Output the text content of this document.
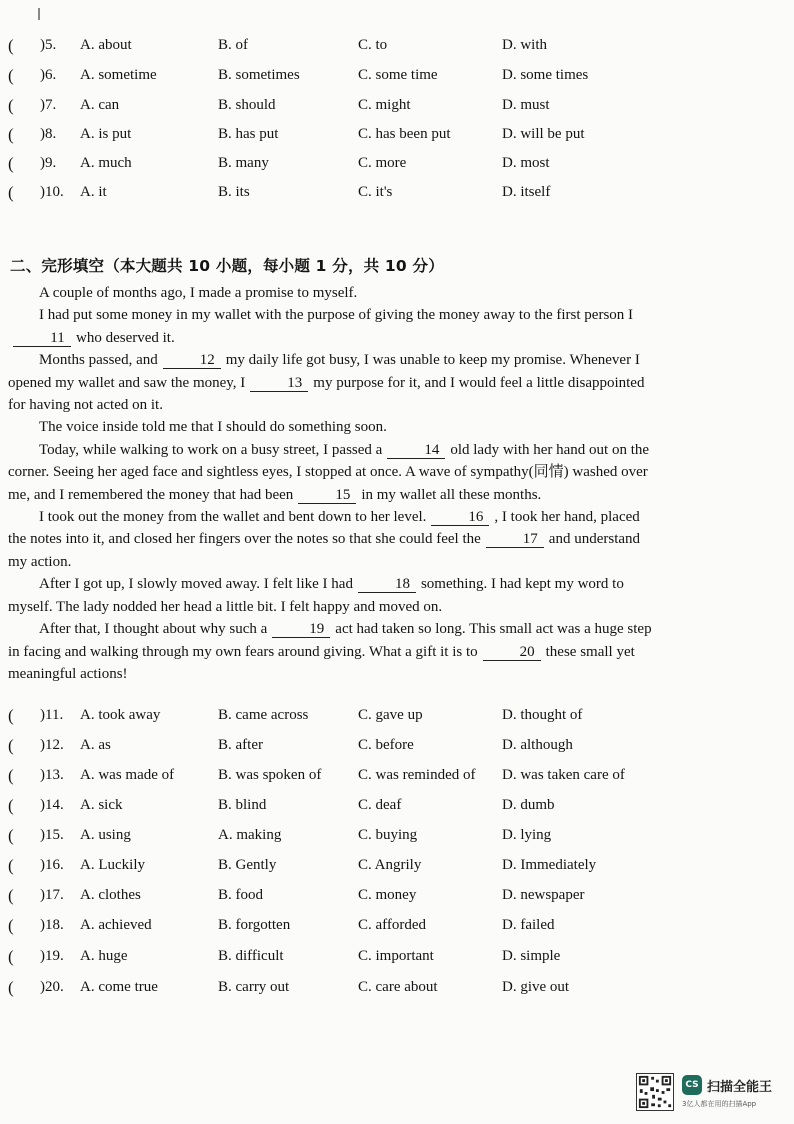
( )5. A. about	B. of	C. to	D. with
( )6. A. sometime	B. sometimes	C. some time	D. some times
( )7. A. can	B. should	C. might	D. must
( )8. A. is put	B. has put	C. has been put	D. will be put
( )9. A. much	B. many	C. more	D. most
( )10. A. it	B. its	C. it's	D. itself
二、完形填空（本大题共 10 小题，每小题 1 分，共 10 分）

A couple of months ago, I made a promise to myself.

I had put some money in my wallet with the purpose of giving the money away to the first person I11 who deserved it.

Months passed, and	12 my daily life got busy, I was unable to keep my promise. Whenever I opened my wallet and saw the money, I	13 my purpose for it, and I would feel a little disappointed for having not acted on it.

The voice inside told me that I should do something soon.

Today, while walking to work on a busy street, I passed a	14 old lady with her hand out on the corner. Seeing her aged face and sightless eyes, I stopped at once. A wave of sympathy(同情) washed over me, and I remembered the money that had been	15 in my wallet all these months.

I took out the money from the wallet and bent down to her level.	16 , I took her hand, placed the notes into it, and closed her fingers over the notes so that she could feel the	17 and understand my action.

After I got up, I slowly moved away. I felt like I had	18 something. I had kept my word to myself. The lady nodded her head a little bit. I felt happy and moved on.

After that, I thought about why such a	19 act had taken so long. This small act was a huge step in facing and walking through my own fears around giving. What a gift it is to	20 these small yet meaningful actions!

( )11. A. took away	B. came across	C. gave up	D. thought of
( )12. A. as	B. after	C. before	D. although
( )13. A. was made of	B. was spoken of C. was reminded of D. was taken care of
( )14. A. sick	B. blind	C. deaf	D. dumb
( )15. A. using	A. making	C. buying	D. lying
( )16. A. Luckily	B. Gently	C. Angrily	D. Immediately
( )17. A. clothes	B. food	C. money	D. newspaper
( )18. A. achieved	B. forgotten	C. afforded	D. failed
( )19. A. huge	B. difficult	C. important	D. simple
( )20. A. come true	B. carry out	C. care about	D. give out
CS 扫描全能王
3亿人都在用的扫描App
